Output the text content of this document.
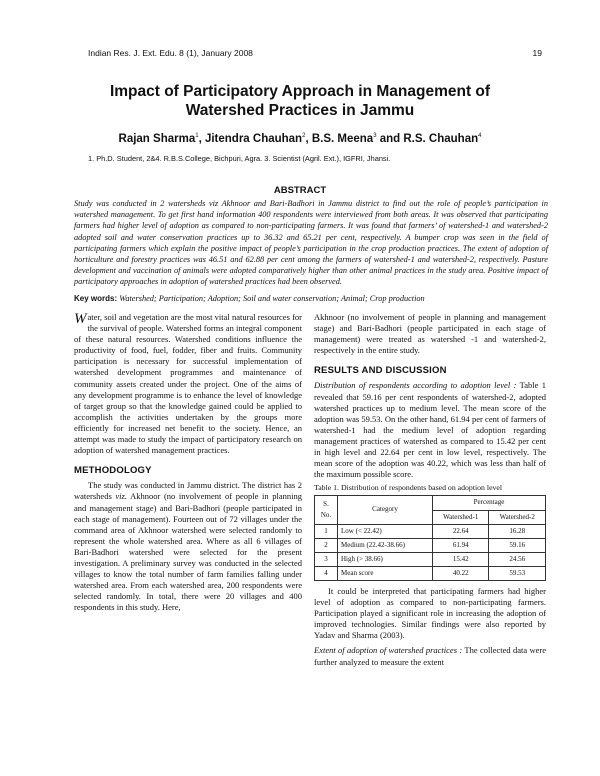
Indian Res. J. Ext. Edu. 8 (1), January 2008	19
Impact of Participatory Approach in Management of Watershed Practices in Jammu
Rajan Sharma$^1$, Jitendra Chauhan$^2$, B.S. Meena$^3$ and R.S. Chauhan$^4$
1. Ph.D. Student, 2&4. R.B.S.College, Bichpuri, Agra. 3. Scientist (Agril. Ext.), IGFRI, Jhansi.
ABSTRACT
Study was conducted in 2 watersheds viz Akhnoor and Bari-Badhori in Jammu district to find out the role of people’s participation in watershed management. To get first hand information 400 respondents were interviewed from both areas. It was observed that participating farmers had higher level of adoption as compared to non-participating farmers. It was found that farmers’ of watershed-1 and watershed-2 adopted soil and water conservation practices up to 36.32 and 65.21 per cent, respectively. A bumper crop was seen in the field of participating farmers which explain the positive impact of people’s participation in the crop production practices. The extent of adoption of horticulture and forestry practices was 46.51 and 62.88 per cent among the farmers of watershed-1 and watershed-2, respectively. Pasture development and vaccination of animals were adopted comparatively higher than other animal practices in the study area. Positive impact of participatory approaches in adoption of watershed practices had been observed.
Key words: Watershed; Participation; Adoption; Soil and water conservation; Animal; Crop production

Water, soil and vegetation are the most vital natural resources for the survival of people. Watershed forms an integral component of these natural resources. Watershed conditions influence the productivity of food, fuel, fodder, fiber and fruits. Community participation is necessary for successful implementation of watershed development programmes and maintenance of community assets created under the project. One of the aims of any development programme is to enhance the level of knowledge of target group so that the knowledge gained could be applied to accomplish the activities undertaken by the groups more efficiently for increased net benefit to the society. Hence, an attempt was made to study the impact of participatory research on adoption of watershed management practices.

METHODOLOGY

The study was conducted in Jammu district. The district has 2 watersheds viz. Akhnoor (no involvement of people in planning and management stage) and Bari-Badhori (people participated in each stage of management). Fourteen out of 72 villages under the command area of Akhnoor watershed were selected randomly to represent the whole watershed area. Where as all 6 villages of Bari-Badhori watershed were selected for the present investigation. A preliminary survey was conducted in the selected villages to know the total number of farm families falling under watershed area. From each watershed area, 200 respondents were selected randomly. In total, there were 20 villages and 400 respondents in this study. Here,

Akhnoor (no involvement of people in planning and management stage) and Bari-Badhori (people participated in each stage of management) were treated as watershed -1 and watershed-2, respectively in the entire study.

RESULTS AND DISCUSSION

Distribution of respondents according to adoption level : Table 1 revealed that 59.16 per cent respondents of watershed-2, adopted watershed practices up to medium level. The mean score of the adoption was 59.53. On the other hand, 61.94 per cent of farmers of watershed-1 had the medium level of adoption regarding management practices of watershed as compared to 15.42 per cent in high level and 22.64 per cent in low level, respectively. The mean score of the adoption was 40.22, which was less than half of the maximum possible score.

Table 1. Distribution of respondents based on adoption level
S. No.	Category	Percentage	
		Watershed-1	Watershed-2
1	Low (< 22.42)	22.64	16.28
2	Medium (22.42-38.66)	61.94	59.16
3	High (> 38.66)	15.42	24.56
4	Mean score	40.22	59.53

It could be interpreted that participating farmers had higher level of adoption as compared to non-participating farmers. Participation played a significant role in increasing the adoption of improved technologies. Similar findings were also reported by Yadav and Sharma (2003).

Extent of adoption of watershed practices : The collected data were further analyzed to measure the extent
